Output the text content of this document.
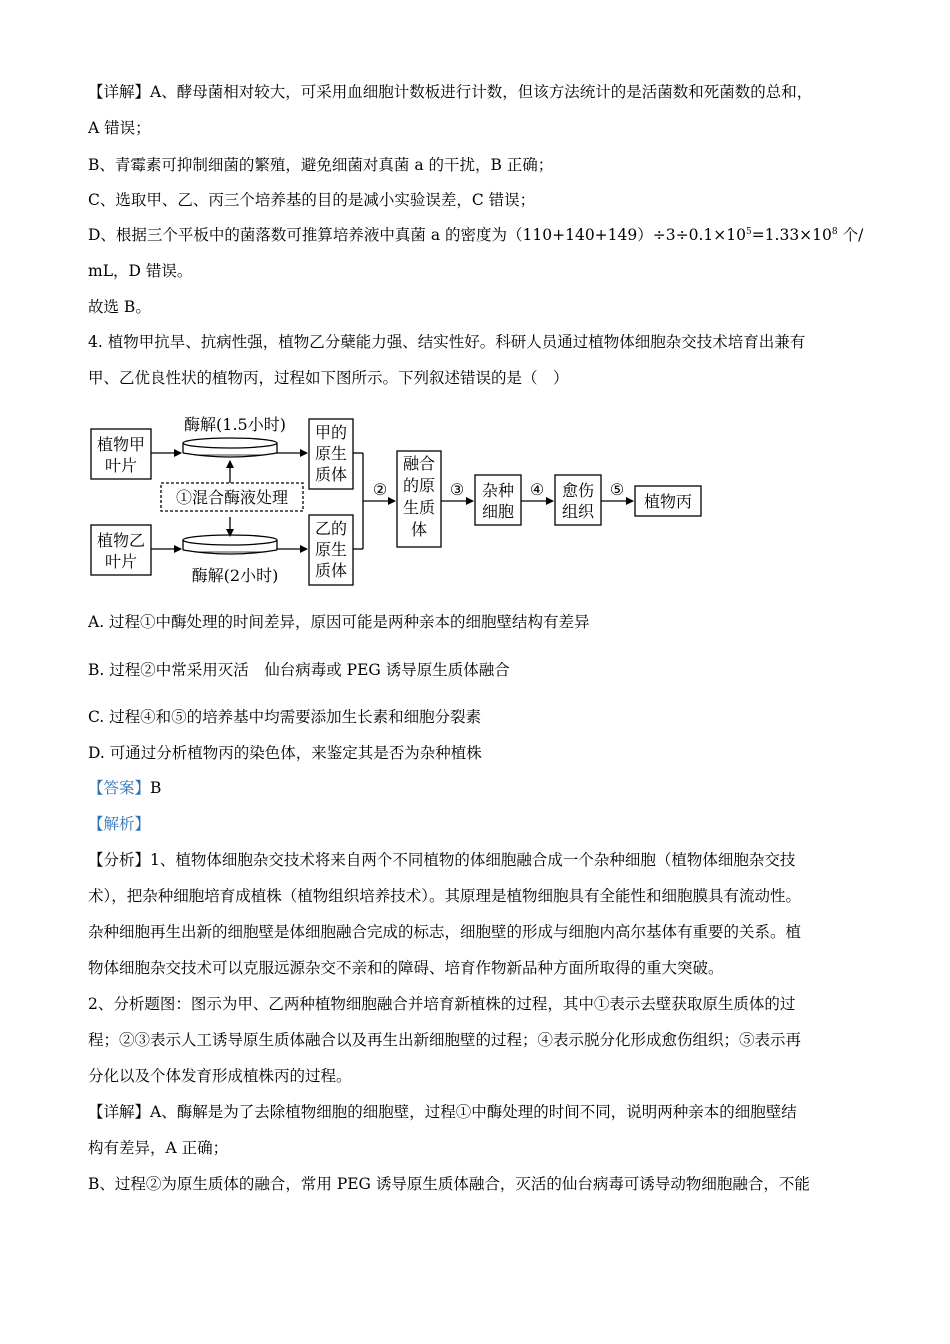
【详解】A、酵母菌相对较大，可采用血细胞计数板进行计数，但该方法统计的是活菌数和死菌数的总和，
A 错误；
B、青霉素可抑制细菌的繁殖，避免细菌对真菌 a 的干扰，B 正确；
C、选取甲、乙、丙三个培养基的目的是减小实验误差，C 错误；
D、根据三个平板中的菌落数可推算培养液中真菌 a 的密度为$(110+140+149)\div 3\div 0.1\times 10^5=1.33\times 10^8$ 个/
mL，D 错误。
故选 B。
4. 植物甲抗旱、抗病性强，植物乙分蘖能力强、结实性好。科研人员通过植物体细胞杂交技术培育出兼有
甲、乙优良性状的植物丙，过程如下图所示。下列叙述错误的是（　）
植物甲
叶片
植物乙
叶片
酶解(1.5小时)
酶解(2小时)
①混合酶液处理
甲的
原生
质体
乙的
原生
质体
②
融合
的原
生质
体
③ 杂种
细胞
④ 愈伤
组织
⑤
植物丙
A. 过程①中酶处理的时间差异，原因可能是两种亲本的细胞壁结构有差异
B. 过程②中常采用灭活　仙台病毒或 PEG 诱导原生质体融合
C. 过程④和⑤的培养基中均需要添加生长素和细胞分裂素
D. 可通过分析植物丙的染色体，来鉴定其是否为杂种植株
【答案】B
【解析】
【分析】1、植物体细胞杂交技术将来自两个不同植物的体细胞融合成一个杂种细胞（植物体细胞杂交技
术），把杂种细胞培育成植株（植物组织培养技术）。其原理是植物细胞具有全能性和细胞膜具有流动性。
杂种细胞再生出新的细胞壁是体细胞融合完成的标志，细胞壁的形成与细胞内高尔基体有重要的关系。植
物体细胞杂交技术可以克服远源杂交不亲和的障碍、培育作物新品种方面所取得的重大突破。
2、分析题图：图示为甲、乙两种植物细胞融合并培育新植株的过程，其中①表示去壁获取原生质体的过
程；②③表示人工诱导原生质体融合以及再生出新细胞壁的过程；④表示脱分化形成愈伤组织；⑤表示再
分化以及个体发育形成植株丙的过程。
【详解】A、酶解是为了去除植物细胞的细胞壁，过程①中酶处理的时间不同，说明两种亲本的细胞壁结
构有差异，A 正确；
B、过程②为原生质体的融合，常用 PEG 诱导原生质体融合，灭活的仙台病毒可诱导动物细胞融合，不能
